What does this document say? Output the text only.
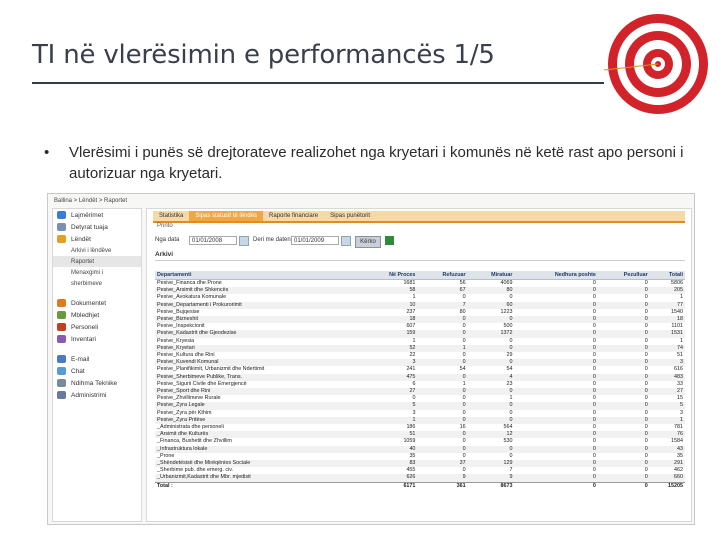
TI në vlerësimin e performancës 1/5
• Vlerësimi i punës së drejtorateve realizohet nga kryetari i komunës në ketë rast apo personi i autorizuar nga kryetari.
Ballina > Lëndët > Raportet
Lajmërimet
Detyrat tuaja
Lëndët
Arkivi i lëndëve
Raportet
Menaxgimi i
sherbimeve
Dokumentet
Mbledhjet
Personeli
Inventari
E-mail
Chat
Ndihma Teknike
Administrimi
Statistika	Sipas statusit të lëndës	Raporte financiare	Sipas punëtorit
Printo
Nga data	01/01/2008	Deri me daten 01/01/2009	Kërko
Arkivi
Departamenti	Në Proces	Refuzuar	Miratuar	Nedhura poshte	Pezulluar	Totali
Pesive_Financa dhe Prone	1681	56	4069	0	0	5806
Pesive_Arsimit dhe Shkencës	58	67	80	0	0	205
Pesive_Avokatura Komunale	1	0	0	0	0	1
Pesive_Departamenti i Prokurorimit	10	7	60	0	0	77
Pesive_Bujqesise	237	80	1223	0	0	1540
Pesive_Bizneshit	18	0	0	0	0	18
Pesive_Inspekcionit	607	0	500	0	0	1101
Pesive_Kadastrit dhe Gjeodezise	159	0	1372	0	0	1531
Pesive_Kryesia	1	0	0	0	0	1
Pesive_Kryetari	52	1	0	0	0	74
Pesive_Kultura dhe Rini	22	0	29	0	0	51
Pesive_Kuvendi Komunal	3	0	0	0	0	3
Pesive_Planifikimit, Urbanizmit dhe Ndertimit	241	54	54	0	0	616
Pesive_Sherbimeve Publike, Trans.	475	0	4	0	0	483
Pesive_Sigurii Civile dhe Emergjencë	6	1	23	0	0	33
Pesive_Sport dhe Rini	27	0	0	0	0	27
Pesive_Zhvillimeve Rurale	0	0	1	0	0	15
Pesive_Zyra Legale	5	0	0	0	0	5
Pesive_Zyra për Kthim	3	0	0	0	0	3
Pesive_Zyra Pritëse	1	0	0	0	0	1
_Administrata dhe personeli	186	16	564	0	0	781
_Arsimit dhe Kulturës	51	0	12	0	0	76
_Financa, Buxhetit dhe Zhvillim	1059	0	530	0	0	1584
_Infrastruktura lokale	40	0	0	0	0	43
_Prone	35	0	0	0	0	35
_Shëndetësisë dhe Mirëqënies Sociale	83	37	129	0	0	291
_Sherbime pub. dhe emerg. civ.	455	0	7	0	0	462
_Urbanizmit,Kadastrit dhe Mbr. mjedisit	626	9	9	0	0	660
Total :	6171	361	8673	0	0	15205
